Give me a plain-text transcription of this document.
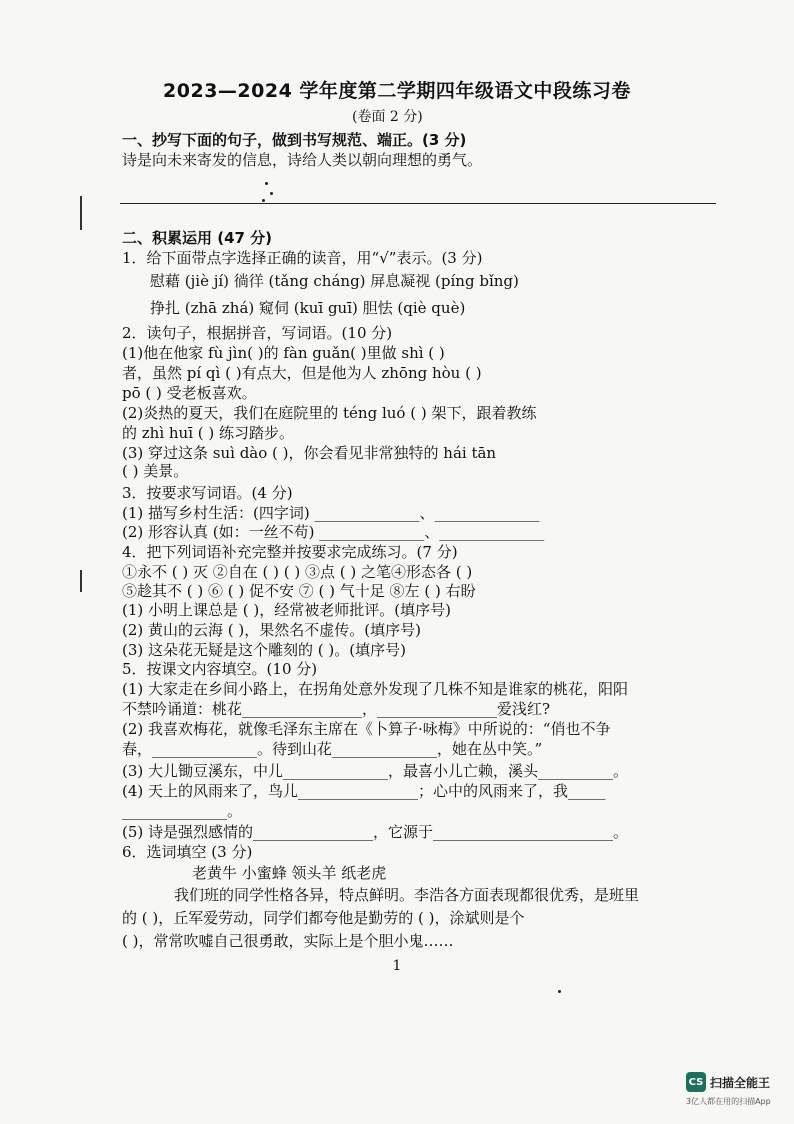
2023—2024 学年度第二学期四年级语文中段练习卷
(卷面 2 分)
一、抄写下面的句子，做到书写规范、端正。(3 分)
诗是向未来寄发的信息，诗给人类以朝向理想的勇气。
二、积累运用 (47 分)
1．给下面带点字选择正确的读音，用“√”表示。(3 分)
慰藉 (jiè jí) 徜徉 (tǎng cháng) 屏息凝视 (píng bǐng)
挣扎 (zhā zhá) 窥伺 (kuī guī) 胆怯 (qiè què)
2．读句子，根据拼音，写词语。(10 分)
(1)他在他家 fù jìn( )的 fàn guǎn( )里做 shì ( )
者，虽然 pí qì ( )有点大，但是他为人 zhōng hòu ( )
pō ( ) 受老板喜欢。
(2)炎热的夏天，我们在庭院里的 téng luó ( ) 架下，跟着教练
的 zhì huī ( ) 练习踏步。
(3) 穿过这条 suì dào ( )，你会看见非常独特的 hái tān
( ) 美景。
3．按要求写词语。(4 分)
(1) 描写乡村生活：(四字词) ______________、______________
(2) 形容认真 (如：一丝不苟) ______________、______________
4．把下列词语补充完整并按要求完成练习。(7 分)
①永不 ( ) 灭 ②自在 ( ) ( ) ③点 ( ) 之笔④形态各 ( )
⑤趁其不 ( ) ⑥ ( ) 促不安 ⑦ ( ) 气十足 ⑧左 ( ) 右盼
(1) 小明上课总是 ( )，经常被老师批评。(填序号)
(2) 黄山的云海 ( )，果然名不虚传。(填序号)
(3) 这朵花无疑是这个雕刻的 ( )。(填序号)
5．按课文内容填空。(10 分)
(1) 大家走在乡间小路上，在拐角处意外发现了几株不知是谁家的桃花，阳阳
不禁吟诵道：桃花________________，________________爱浅红?
(2) 我喜欢梅花，就像毛泽东主席在《卜算子·咏梅》中所说的：“俏也不争
春，______________。待到山花______________，她在丛中笑。”
(3) 大儿锄豆溪东，中儿______________，最喜小儿亡赖，溪头__________。
(4) 天上的风雨来了，鸟儿________________；心中的风雨来了，我_____
______________。
(5) 诗是强烈感情的________________，它源于________________________。
6．选词填空 (3 分)
老黄牛 小蜜蜂 领头羊 纸老虎
我们班的同学性格各异，特点鲜明。李浩各方面表现都很优秀，是班里
的 ( )，丘军爱劳动，同学们都夸他是勤劳的 ( )，涂斌则是个
( )，常常吹嘘自己很勇敢，实际上是个胆小鬼……
1
CS 扫描全能王
3亿人都在用的扫描App
